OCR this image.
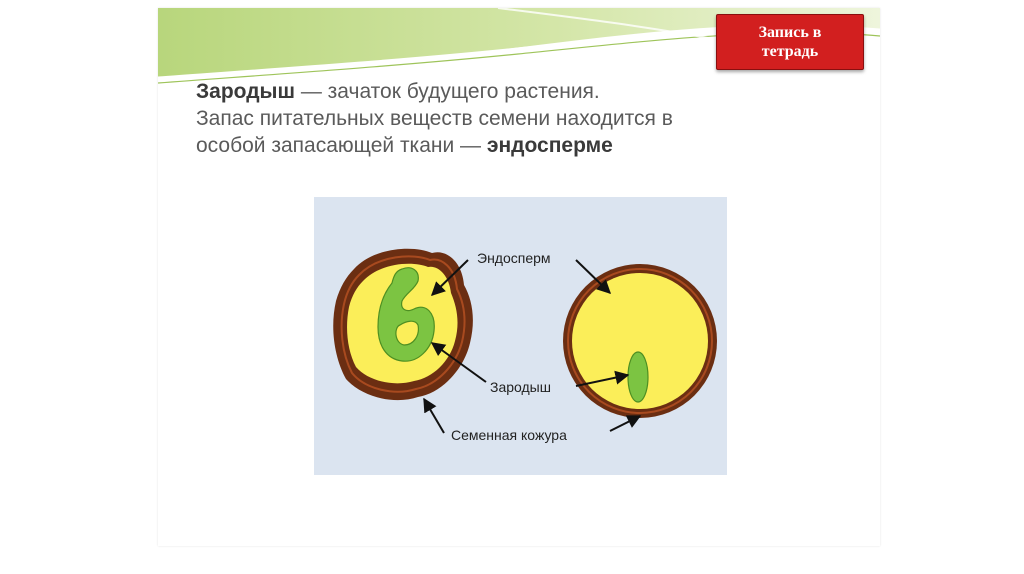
Запись в
тетрадь
Зародыш — зачаток будущего растения.
Запас питательных веществ семени находится в
особой запасающей ткани — эндосперме
Эндосперм
Зародыш
Семенная кожура
